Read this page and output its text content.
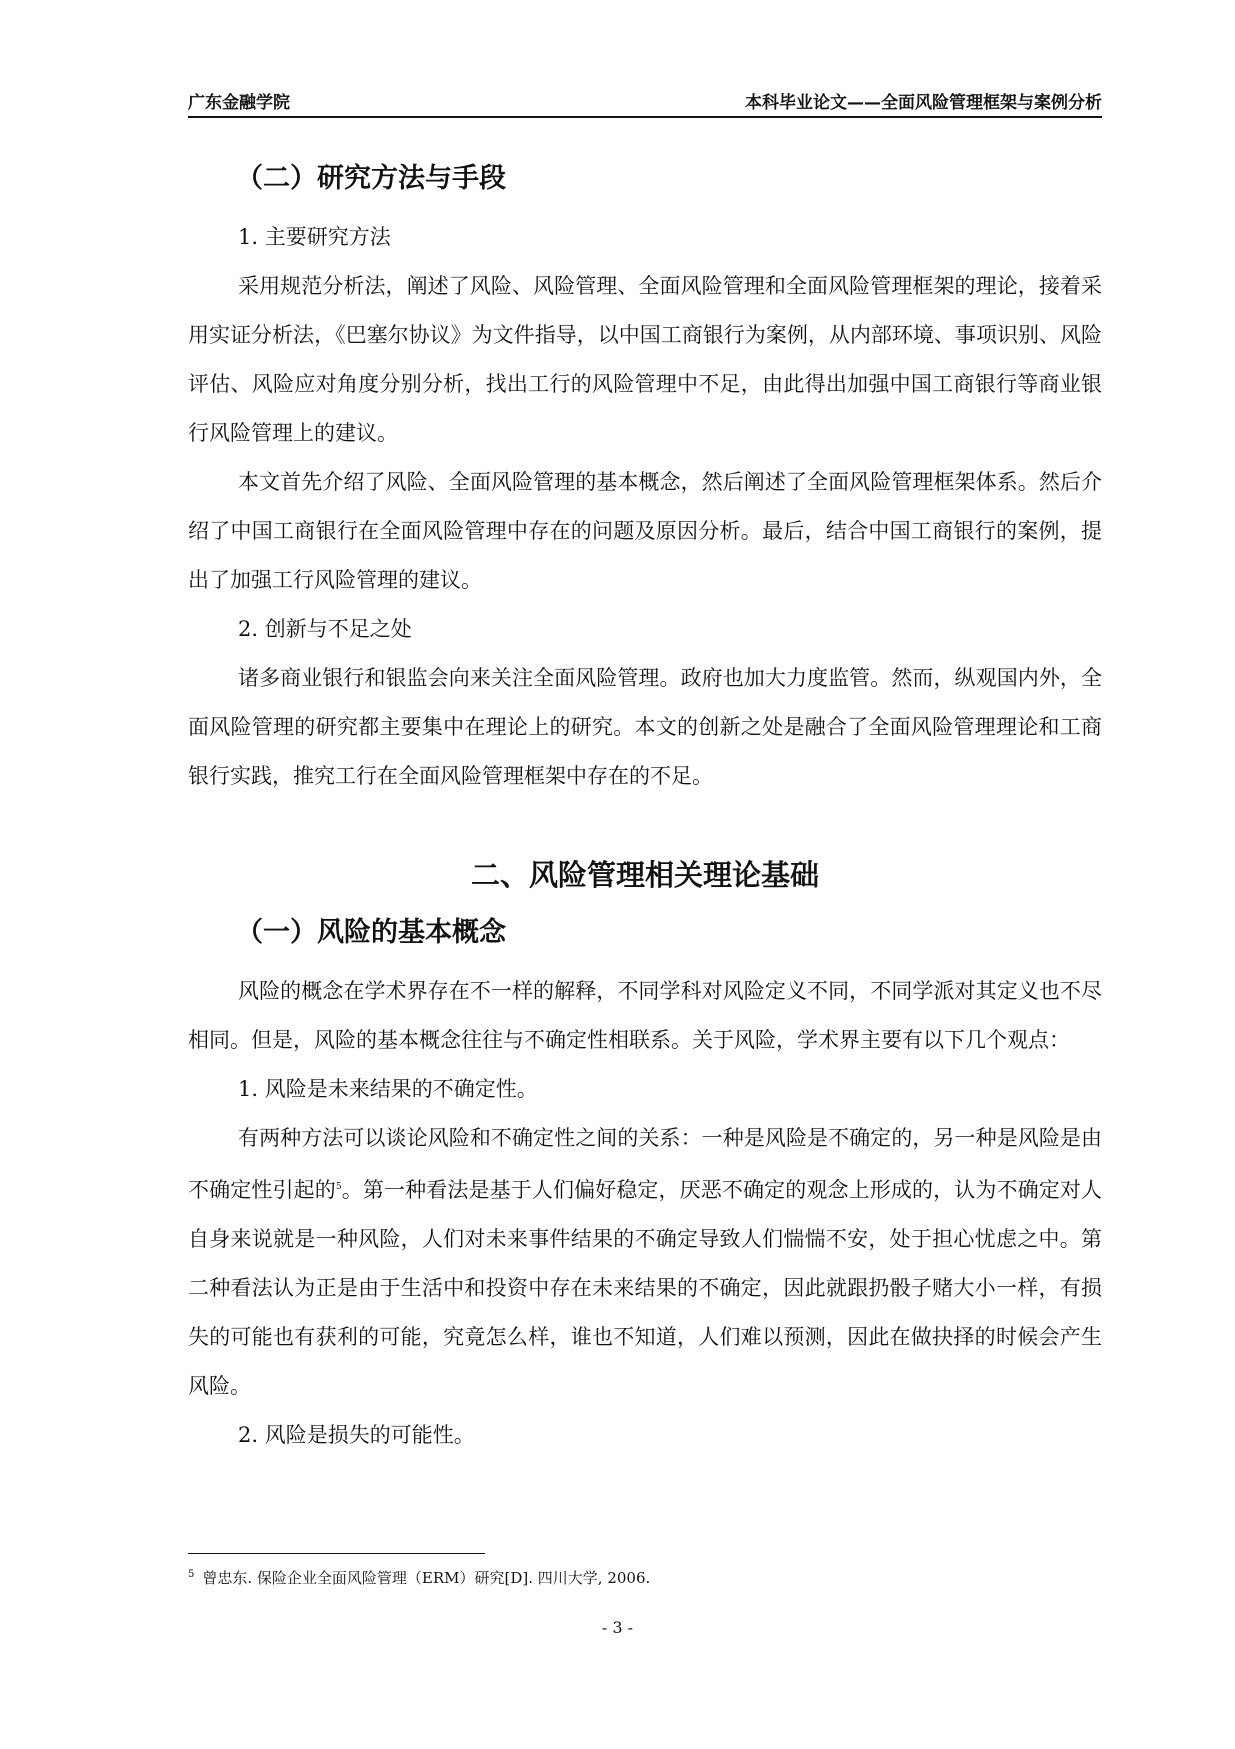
广东金融学院	本科毕业论文——全面风险管理框架与案例分析
（二）研究方法与手段
1. 主要研究方法

采用规范分析法，阐述了风险、风险管理、全面风险管理和全面风险管理框架的理论，接着采用实证分析法，《巴塞尔协议》为文件指导，以中国工商银行为案例，从内部环境、事项识别、风险评估、风险应对角度分别分析，找出工行的风险管理中不足，由此得出加强中国工商银行等商业银行风险管理上的建议。

本文首先介绍了风险、全面风险管理的基本概念，然后阐述了全面风险管理框架体系。然后介绍了中国工商银行在全面风险管理中存在的问题及原因分析。最后，结合中国工商银行的案例，提出了加强工行风险管理的建议。

2. 创新与不足之处

诸多商业银行和银监会向来关注全面风险管理。政府也加大力度监管。然而，纵观国内外，全面风险管理的研究都主要集中在理论上的研究。本文的创新之处是融合了全面风险管理理论和工商银行实践，推究工行在全面风险管理框架中存在的不足。

二、风险管理相关理论基础
（一）风险的基本概念

风险的概念在学术界存在不一样的解释，不同学科对风险定义不同，不同学派对其定义也不尽相同。但是，风险的基本概念往往与不确定性相联系。关于风险，学术界主要有以下几个观点：

1. 风险是未来结果的不确定性。

有两种方法可以谈论风险和不确定性之间的关系：一种是风险是不确定的，另一种是风险是由不确定性引起的$^5$。第一种看法是基于人们偏好稳定，厌恶不确定的观念上形成的，认为不确定对人自身来说就是一种风险，人们对未来事件结果的不确定导致人们惴惴不安，处于担心忧虑之中。第二种看法认为正是由于生活中和投资中存在未来结果的不确定，因此就跟扔骰子赌大小一样，有损失的可能也有获利的可能，究竟怎么样，谁也不知道，人们难以预测，因此在做抉择的时候会产生风险。

2. 风险是损失的可能性。
$^5$ 曾忠东. 保险企业全面风险管理（ERM）研究[D]. 四川大学, 2006.
- 3 -
